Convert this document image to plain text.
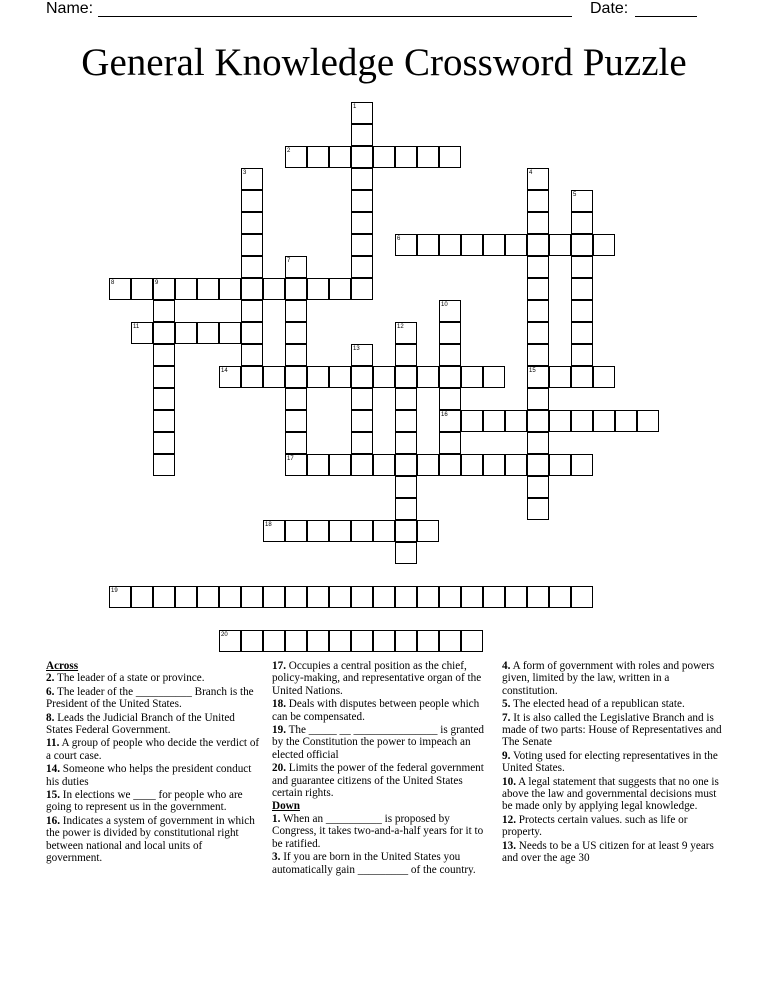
Name:	Date:
General Knowledge Crossword Puzzle
1
2
3	4
5
6
7
8	9
10
11	12
13
14	15
16
17
18
19
20
Across

2. The leader of a state or province.

6. The leader of the __________ Branch is the President of the United States.

8. Leads the Judicial Branch of the United States Federal Government.

11. A group of people who decide the verdict of a court case.

14. Someone who helps the president conduct his duties

15. In elections we ____ for people who are going to represent us in the government.

16. Indicates a system of government in which the power is divided by constitutional right between national and local units of government.

17. Occupies a central position as the chief, policy-making, and representative organ of the United Nations.

18. Deals with disputes between people which can be compensated.

19. The _____ __ _______________ is granted by the Constitution the power to impeach an elected official

20. Limits the power of the federal government and guarantee citizens of the United States certain rights.

Down

1. When an __________ is proposed by Congress, it takes two-and-a-half years for it to be ratified.

3. If you are born in the United States you automatically gain _________ of the country.

4. A form of government with roles and powers given, limited by the law, written in a constitution.

5. The elected head of a republican state.

7. It is also called the Legislative Branch and is made of two parts: House of Representatives and The Senate

9. Voting used for electing representatives in the United States.

10. A legal statement that suggests that no one is above the law and governmental decisions must be made only by applying legal knowledge.

12. Protects certain values. such as life or property.

13. Needs to be a US citizen for at least 9 years and over the age 30
